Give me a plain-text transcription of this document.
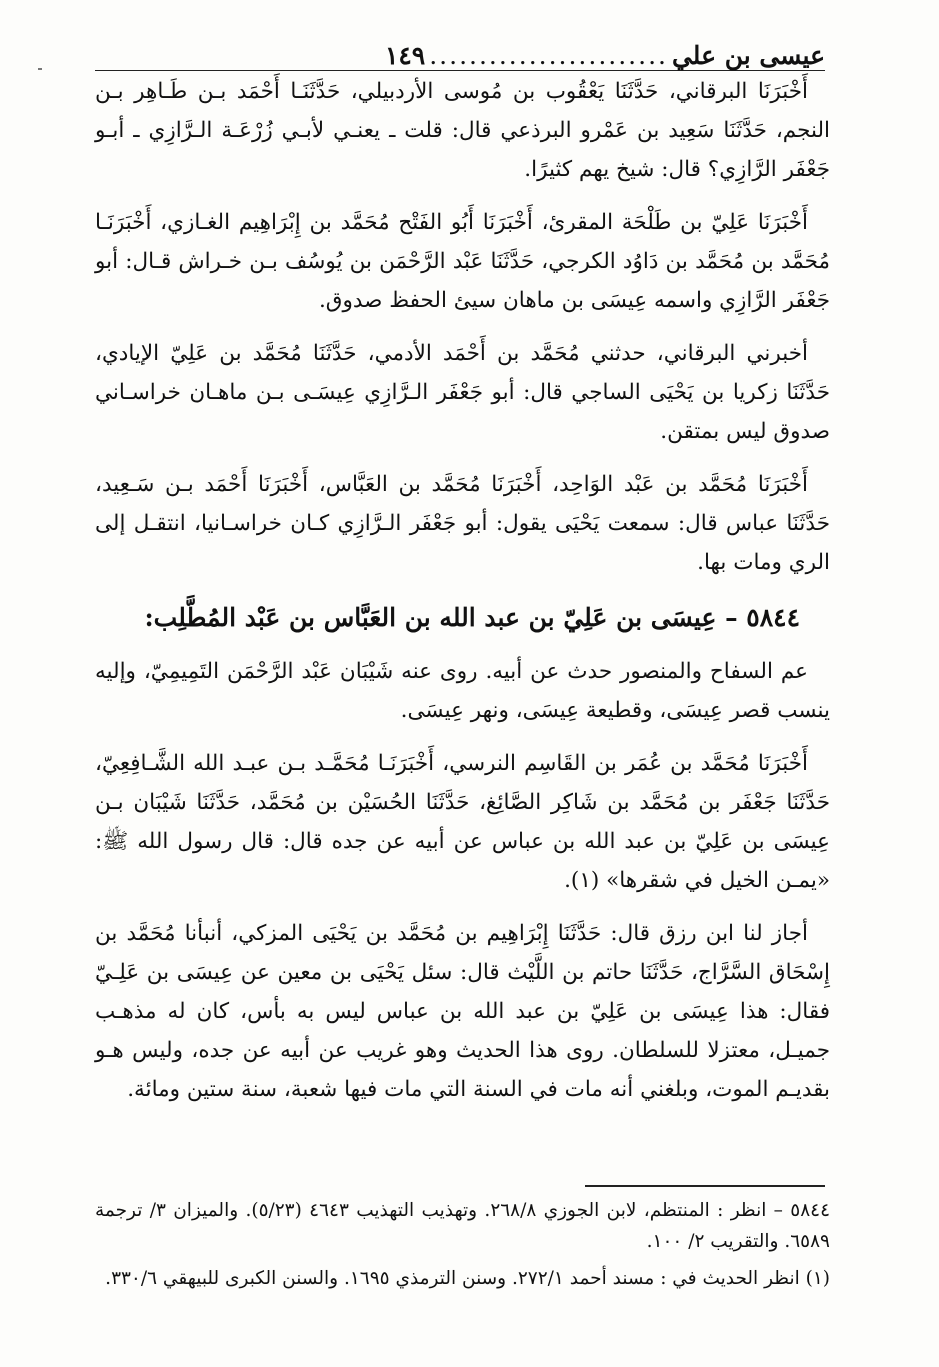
عيسى بن علي
........................
١٤٩

أَخْبَرَنَا البرقاني، حَدَّثَنَا يَعْقُوب بن مُوسى الأردبيلي، حَدَّثَنَـا أَحْمَد بـن طَـاهِر بـن النجم، حَدَّثَنَا سَعِيد بن عَمْرو البرذعي قال: قلت ـ يعنـي لأبـي زُرْعَـة الـرَّازِي ـ أبـو جَعْفَر الرَّازِي؟ قال: شيخ يهم كثيرًا.

أَخْبَرَنَا عَلِيّ بن طَلْحَة المقرئ، أَخْبَرَنَا أَبُو الفَتْح مُحَمَّد بن إِبْرَاهِيم الغـازي، أَخْبَرَنَـا مُحَمَّد بن مُحَمَّد بن دَاوُد الكرجي، حَدَّثَنَا عَبْد الرَّحْمَن بن يُوسُف بـن خـراش قـال: أبو جَعْفَر الرَّازِي واسمه عِيسَى بن ماهان سيئ الحفظ صدوق.

أخبرني البرقاني، حدثني مُحَمَّد بن أَحْمَد الأدمي، حَدَّثَنَا مُحَمَّد بن عَلِيّ الإيادي، حَدَّثَنَا زكريا بن يَحْيَى الساجي قال: أبو جَعْفَر الـرَّازِي عِيسَـى بـن ماهـان خراسـاني صدوق ليس بمتقن.

أَخْبَرَنَا مُحَمَّد بن عَبْد الوَاحِد، أَخْبَرَنَا مُحَمَّد بن العَبَّاس، أَخْبَرَنَا أَحْمَد بـن سَـعِيد، حَدَّثَنَا عباس قال: سمعت يَحْيَى يقول: أبو جَعْفَر الـرَّازِي كـان خراسـانيا، انتقـل إلى الري ومات بها.

٥٨٤٤ – عِيسَى بن عَلِيّ بن عبد الله بن العَبَّاس بن عَبْد المُطَّلِب:

عم السفاح والمنصور حدث عن أبيه. روى عنه شَيْبَان عَبْد الرَّحْمَن التَمِيمِيّ، وإليه ينسب قصر عِيسَى، وقطيعة عِيسَى، ونهر عِيسَى.

أَخْبَرَنَا مُحَمَّد بن عُمَر بن القَاسِم النرسي، أَخْبَرَنَـا مُحَمَّـد بـن عبـد الله الشَّـافِعِيّ، حَدَّثَنَا جَعْفَر بن مُحَمَّد بن شَاكِر الصَّائِغ، حَدَّثَنَا الحُسَيْن بن مُحَمَّد، حَدَّثَنَا شَيْبَان بـن عِيسَى بن عَلِيّ بن عبد الله بن عباس عن أبيه عن جده قال: قال رسول الله ﷺ: «يمـن الخيل في شقرها» (١).

أجاز لنا ابن رزق قال: حَدَّثَنَا إِبْرَاهِيم بن مُحَمَّد بن يَحْيَى المزكي، أنبأنا مُحَمَّد بن إِسْحَاق السَّرَّاج، حَدَّثَنَا حاتم بن اللَّيْث قال: سئل يَحْيَى بن معين عن عِيسَى بن عَلِـيّ فقال: هذا عِيسَى بن عَلِيّ بن عبد الله بن عباس ليس به بأس، كان له مذهـب جميـل، معتزلا للسلطان. روى هذا الحديث وهو غريب عن أبيه عن جده، وليس هـو بقديـم الموت، وبلغني أنه مات في السنة التي مات فيها شعبة، سنة ستين ومائة.

٥٨٤٤ – انظر : المنتظم، لابن الجوزي ٢٦٨/٨. وتهذيب التهذيب ٤٦٤٣ (٥/٢٣). والميزان ٣/ ترجمة ٦٥٨٩. والتقريب ٢/ ١٠٠.

(١) انظر الحديث في : مسند أحمد ٢٧٢/١. وسنن الترمذي ١٦٩٥. والسنن الكبرى للبيهقي ٣٣٠/٦.
